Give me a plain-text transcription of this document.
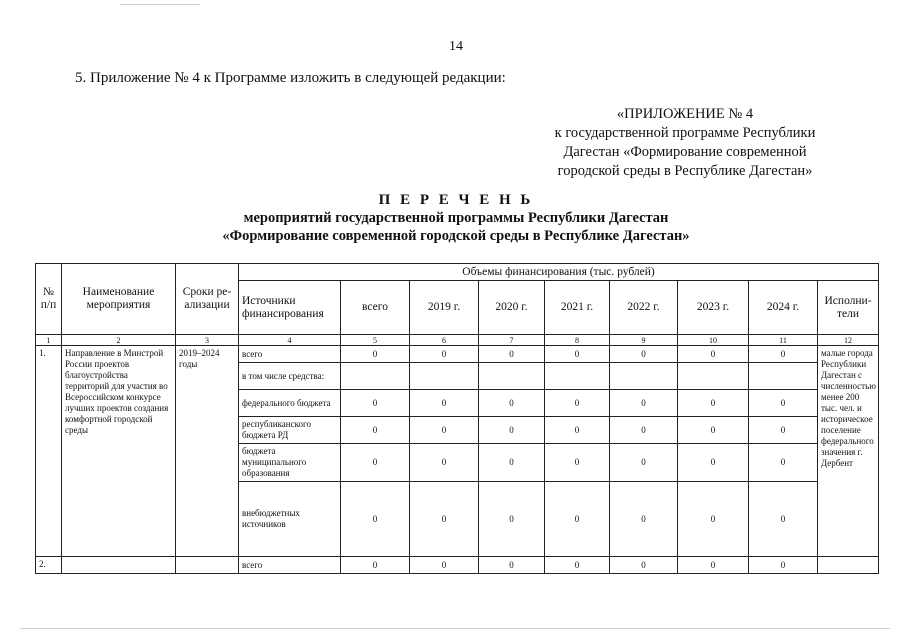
14
5. Приложение № 4 к Программе изложить в следующей редакции:
«ПРИЛОЖЕНИЕ № 4
к государственной программе Республики
Дагестан «Формирование современной
городской среды в Республике Дагестан»
П Е Р Е Ч Е Н Ь
мероприятий государственной программы Республики Дагестан
«Формирование современной городской среды в Республике Дагестан»
№ п/п	Наименование мероприятия	Сроки ре-ализации	Объемы финансирования (тыс. рублей)								
			Источники финансирования	всего	2019 г.	2020 г.	2021 г.	2022 г.	2023 г.	2024 г.	Исполни-тели
1	2	3	4	5	6	7	8	9	10	11	12
1.	Направление в Минстрой России проектов благоустройства территорий для участия во Всероссийском конкурсе лучших проектов создания комфортной городской среды	2019–2024 годы	всего	0	0	0	0	0	0	0	малые города Республики Дагестан с численностью менее 200 тыс. чел. и историческое поселение федерального значения г. Дербент
			в том числе средства:								
			федерального бюджета	0	0	0	0	0	0	0	
			республиканского бюджета РД	0	0	0	0	0	0	0	
			бюджета муниципального образования	0	0	0	0	0	0	0	
			внебюджетных источников	0	0	0	0	0	0	0	
2.			всего	0	0	0	0	0	0	0	
